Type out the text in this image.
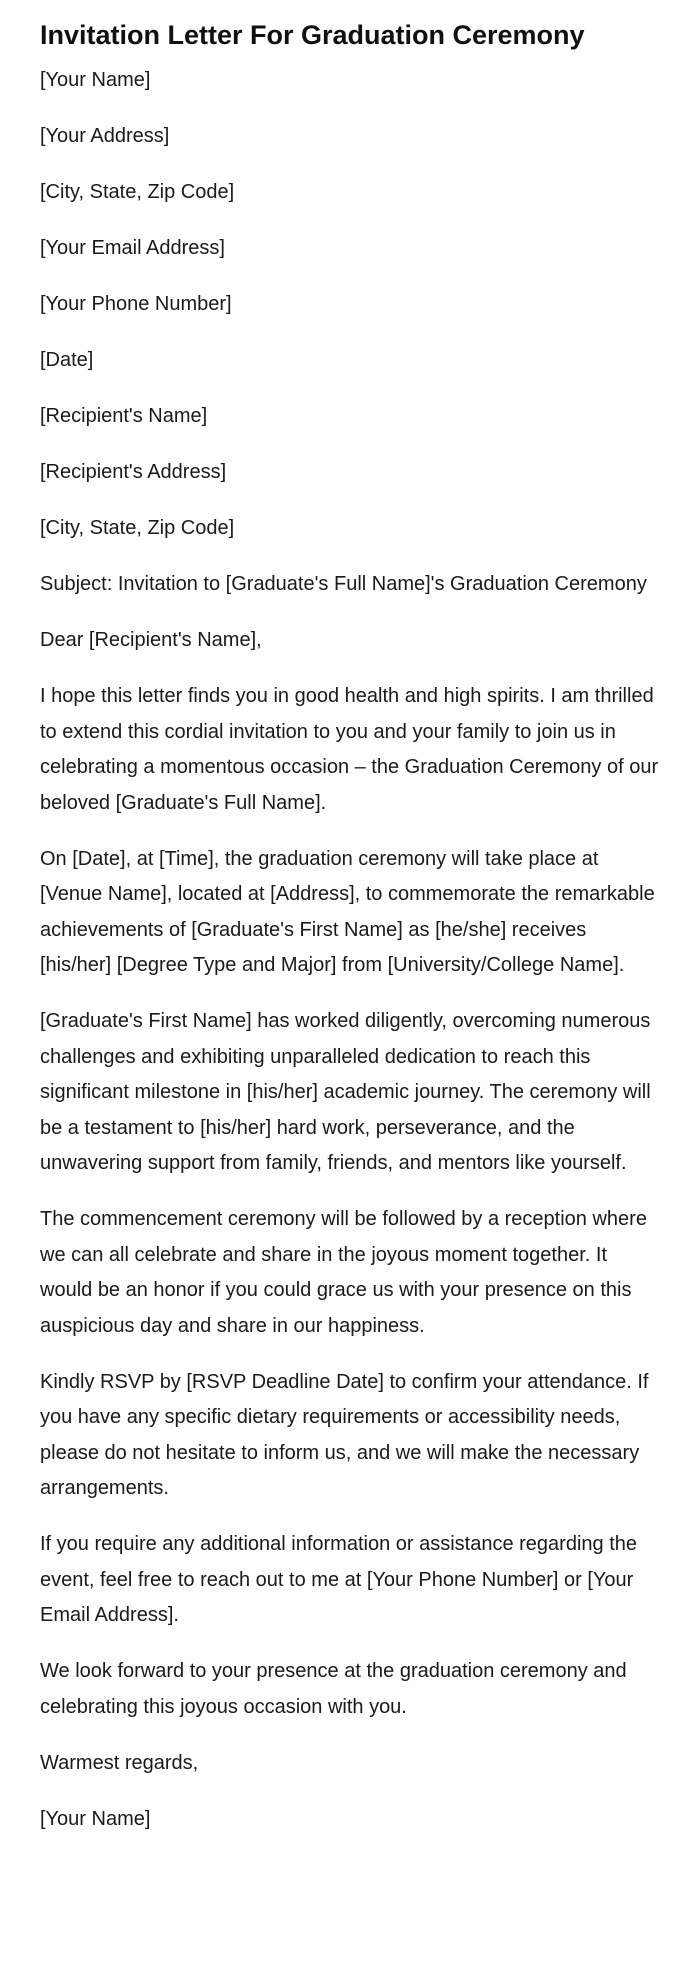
Invitation Letter For Graduation Ceremony

[Your Name]

[Your Address]

[City, State, Zip Code]

[Your Email Address]

[Your Phone Number]

[Date]

[Recipient's Name]

[Recipient's Address]

[City, State, Zip Code]

Subject: Invitation to [Graduate's Full Name]'s Graduation Ceremony

Dear [Recipient's Name],

I hope this letter finds you in good health and high spirits. I am thrilled to extend this cordial invitation to you and your family to join us in celebrating a momentous occasion – the Graduation Ceremony of our beloved [Graduate's Full Name].

On [Date], at [Time], the graduation ceremony will take place at [Venue Name], located at [Address], to commemorate the remarkable achievements of [Graduate's First Name] as [he/she] receives [his/her] [Degree Type and Major] from [University/College Name].

[Graduate's First Name] has worked diligently, overcoming numerous challenges and exhibiting unparalleled dedication to reach this significant milestone in [his/her] academic journey. The ceremony will be a testament to [his/her] hard work, perseverance, and the unwavering support from family, friends, and mentors like yourself.

The commencement ceremony will be followed by a reception where we can all celebrate and share in the joyous moment together. It would be an honor if you could grace us with your presence on this auspicious day and share in our happiness.

Kindly RSVP by [RSVP Deadline Date] to confirm your attendance. If you have any specific dietary requirements or accessibility needs, please do not hesitate to inform us, and we will make the necessary arrangements.

If you require any additional information or assistance regarding the event, feel free to reach out to me at [Your Phone Number] or [Your Email Address].

We look forward to your presence at the graduation ceremony and celebrating this joyous occasion with you.

Warmest regards,

[Your Name]
